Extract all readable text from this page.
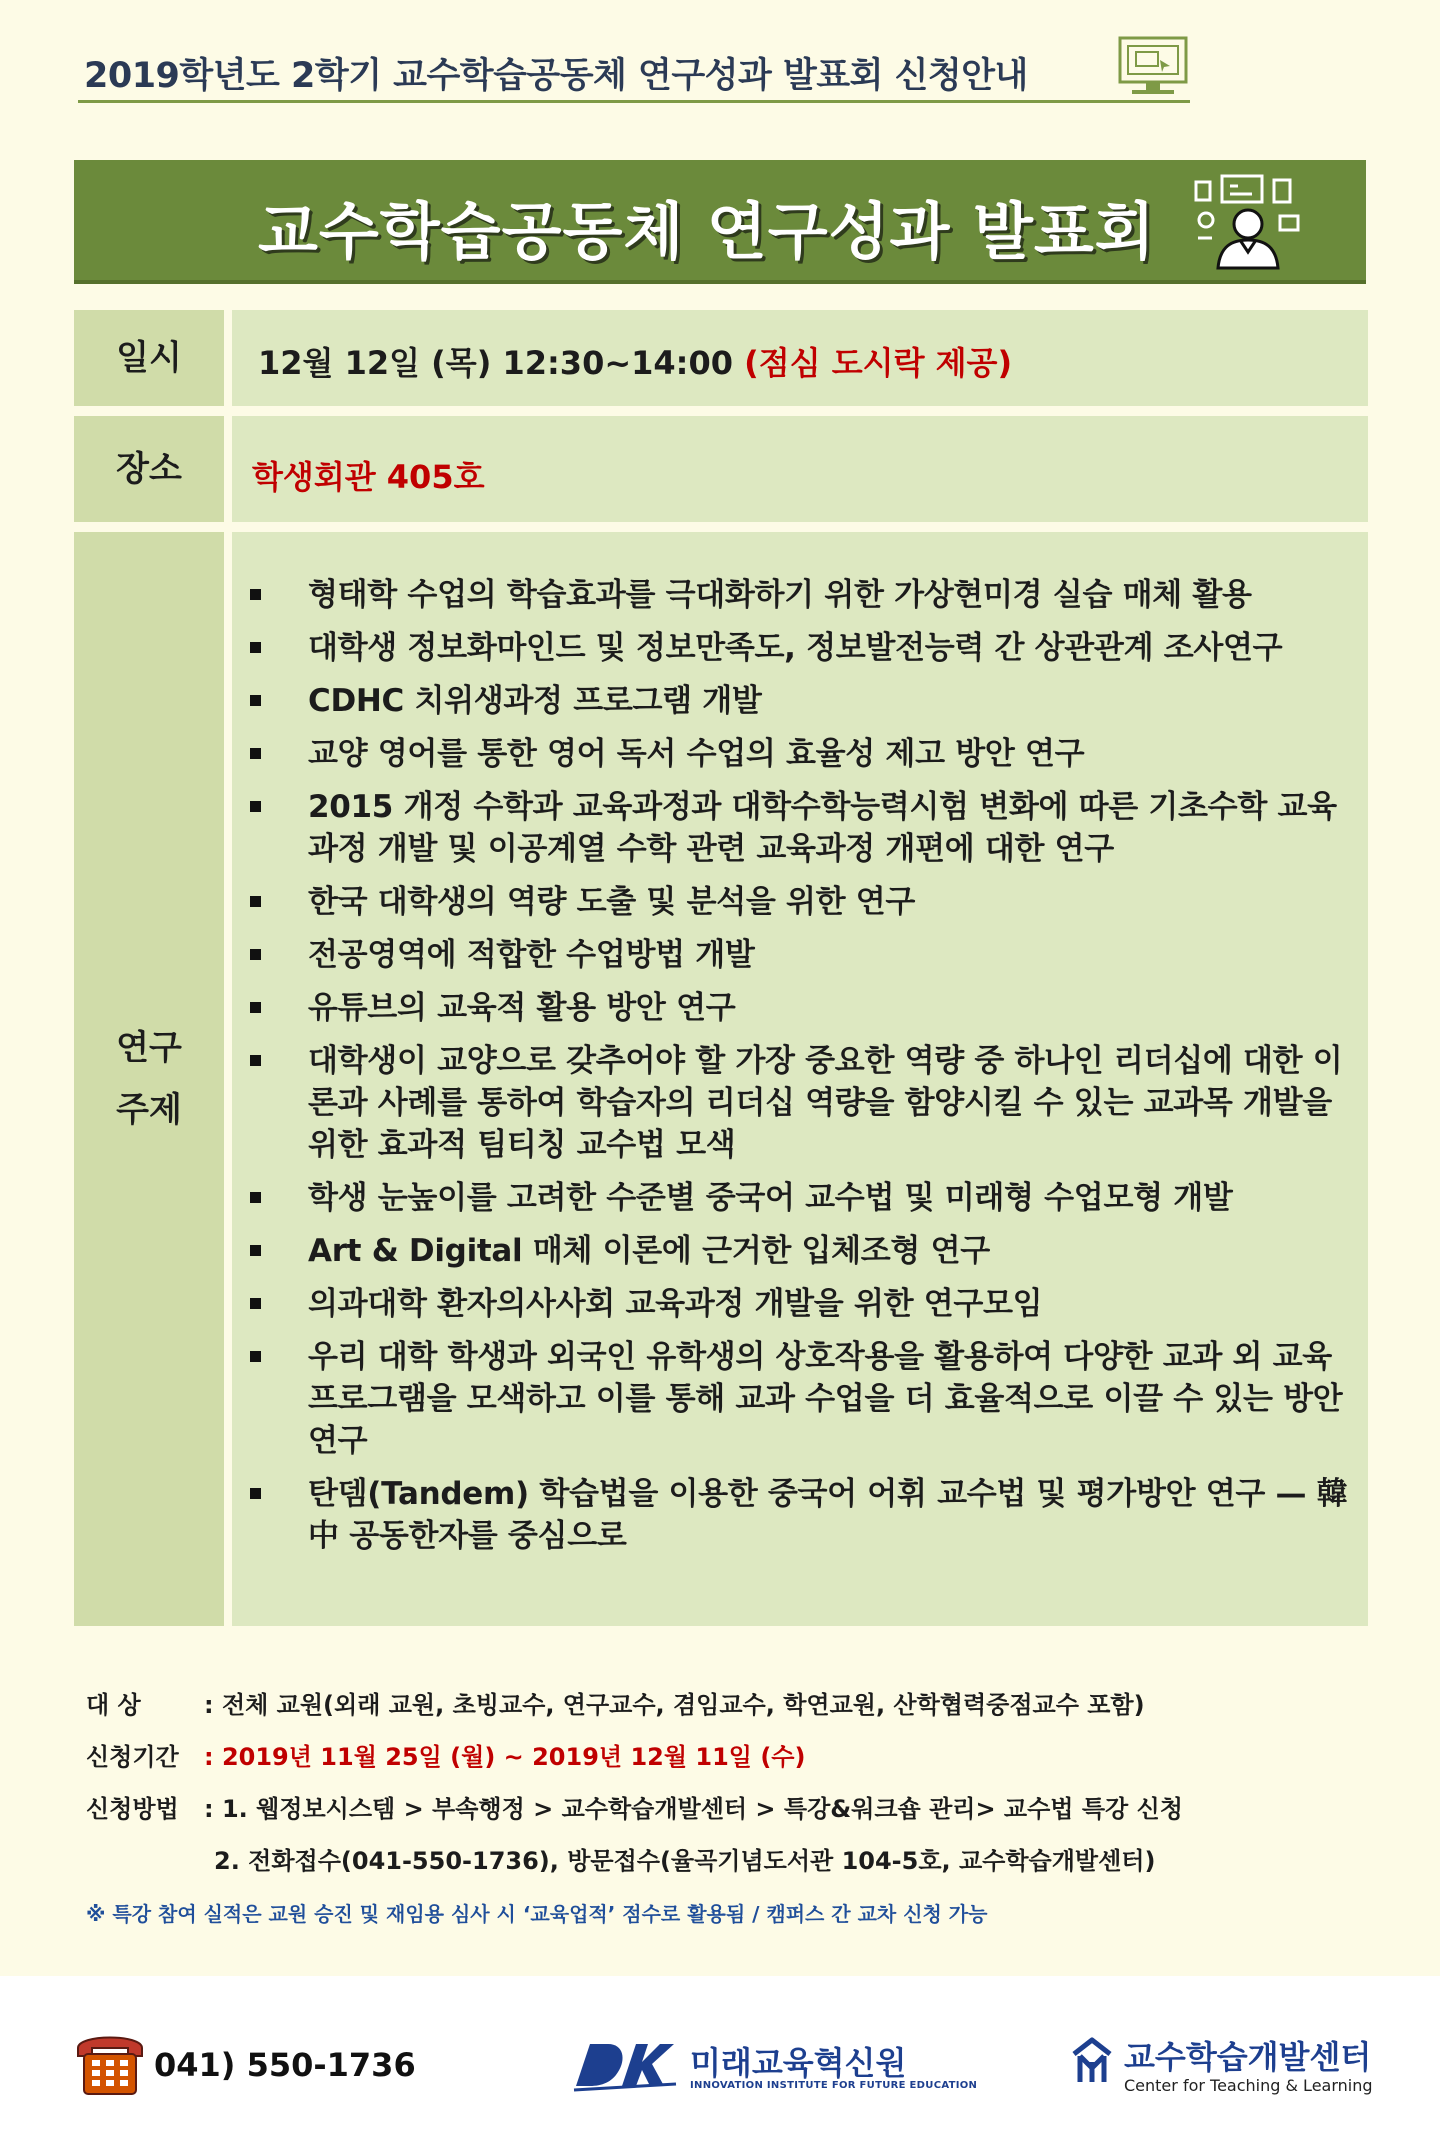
2019학년도 2학기 교수학습공동체 연구성과 발표회 신청안내
교수학습공동체 연구성과 발표회
일시	12월 12일 (목) 12:30~14:00 (점심 도시락 제공)
장소	학생회관 405호
연구
주제
형태학 수업의 학습효과를 극대화하기 위한 가상현미경 실습 매체 활용
대학생 정보화마인드 및 정보만족도, 정보발전능력 간 상관관계 조사연구
CDHC 치위생과정 프로그램 개발
교양 영어를 통한 영어 독서 수업의 효율성 제고 방안 연구
2015 개정 수학과 교육과정과 대학수학능력시험 변화에 따른 기초수학 교육과정 개발 및 이공계열 수학 관련 교육과정 개편에 대한 연구
한국 대학생의 역량 도출 및 분석을 위한 연구
전공영역에 적합한 수업방법 개발
유튜브의 교육적 활용 방안 연구
대학생이 교양으로 갖추어야 할 가장 중요한 역량 중 하나인 리더십에 대한 이론과 사례를 통하여 학습자의 리더십 역량을 함양시킬 수 있는 교과목 개발을 위한 효과적 팀티칭 교수법 모색
학생 눈높이를 고려한 수준별 중국어 교수법 및 미래형 수업모형 개발
Art & Digital 매체 이론에 근거한 입체조형 연구
의과대학 환자의사사회 교육과정 개발을 위한 연구모임
우리 대학 학생과 외국인 유학생의 상호작용을 활용하여 다양한 교과 외 교육 프로그램을 모색하고 이를 통해 교과 수업을 더 효율적으로 이끌 수 있는 방안 연구
탄뎀(Tandem) 학습법을 이용한 중국어 어휘 교수법 및 평가방안 연구 — 韓中 공동한자를 중심으로
대 상	: 전체 교원(외래 교원, 초빙교수, 연구교수, 겸임교수, 학연교원, 산학협력중점교수 포함)
신청기간 : 2019년 11월 25일 (월) ~ 2019년 12월 11일 (수)
신청방법 : 1. 웹정보시스템 > 부속행정 > 교수학습개발센터 > 특강&워크숍 관리> 교수법 특강 신청
2. 전화접수(041-550-1736), 방문접수(율곡기념도서관 104-5호, 교수학습개발센터)
※ 특강 참여 실적은 교원 승진 및 재임용 심사 시 ‘교육업적’ 점수로 활용됨 / 캠퍼스 간 교차 신청 가능
041) 550-1736	미래교육혁신원
INNOVATION INSTITUTE FOR FUTURE EDUCATION
교수학습개발센터
Center for Teaching & Learning
